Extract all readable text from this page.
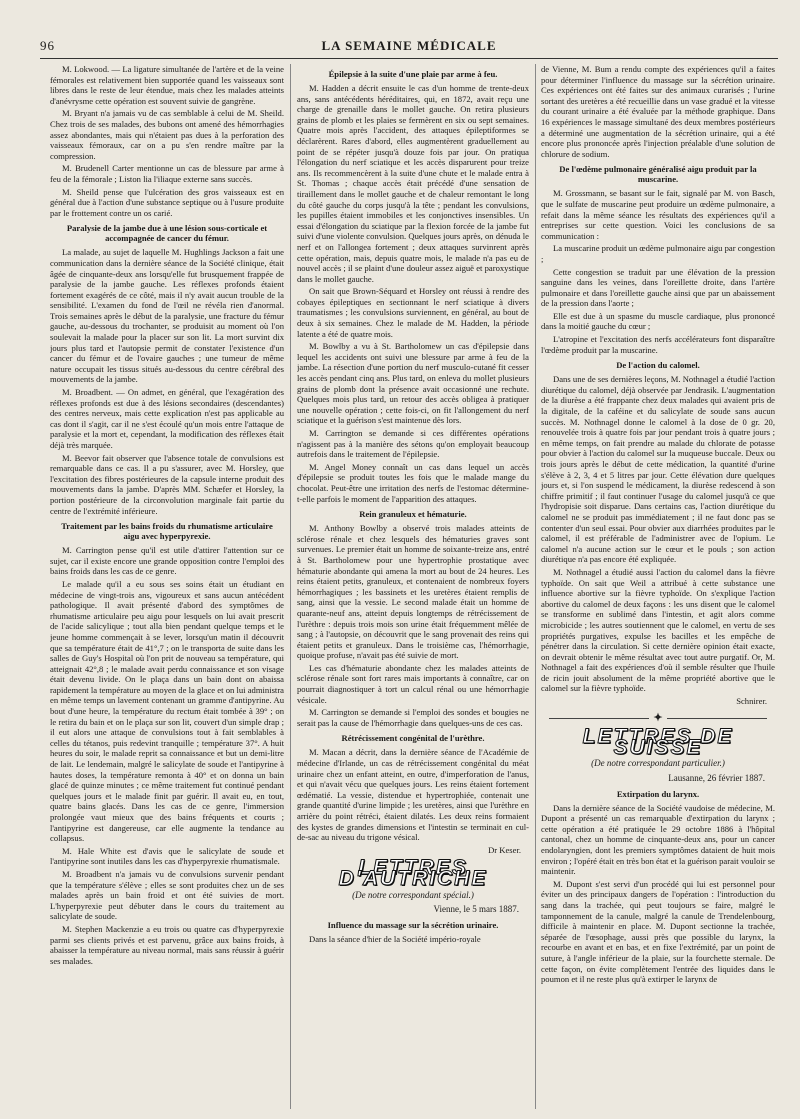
96	LA SEMAINE MÉDICALE

M. Lokwood. — La ligature simultanée de l'artère et de la veine fémorales est relativement bien supportée quand les vaisseaux sont libres dans le reste de leur étendue, mais chez les malades atteints d'anévrysme cette opération est souvent suivie de gangrène.

M. Bryant n'a jamais vu de cas semblable à celui de M. Sheild. Chez trois de ses malades, des bubons ont amené des hémorrhagies assez abondantes, mais qui n'étaient pas dues à la perforation des vaisseaux fémoraux, car on a pu s'en rendre maître par la compression.

M. Brudenell Carter mentionne un cas de blessure par arme à feu de la fémorale ; Liston lia l'iliaque externe sans succès.

M. Sheild pense que l'ulcération des gros vaisseaux est en général due à l'action d'une substance septique ou à l'usure produite par le frottement contre un os carié.

Paralysie de la jambe due à une lésion sous-corticale et accompagnée de cancer du fémur.

La malade, au sujet de laquelle M. Hughlings Jackson a fait une communication dans la dernière séance de la Société clinique, était âgée de cinquante-deux ans lorsqu'elle fut brusquement frappée de paralysie de la jambe gauche. Les réflexes profonds étaient fortement exagérés de ce côté, mais il n'y avait aucun trouble de la sensibilité. L'examen du fond de l'œil ne révéla rien d'anormal. Trois semaines après le début de la paralysie, une fracture du fémur gauche, au-dessous du trochanter, se produisit au moment où l'on soulevait la malade pour la placer sur son lit. La mort survint dix jours plus tard et l'autopsie permit de constater l'existence d'un cancer du fémur et de l'ovaire gauches ; une tumeur de même nature occupait les tissus situés au-dessous du centre cérébral des mouvements de la jambe.

M. Broadbent. — On admet, en général, que l'exagération des réflexes profonds est due à des lésions secondaires (descendantes) des centres nerveux, mais cette explication n'est pas applicable au cas dont il s'agit, car il ne s'est écoulé qu'un mois entre l'attaque de paralysie et la mort et, cependant, la modification des réflexes était déjà très marquée.

M. Beevor fait observer que l'absence totale de convulsions est remarquable dans ce cas. Il a pu s'assurer, avec M. Horsley, que l'excitation des fibres postérieures de la capsule interne produit des mouvements dans la jambe. D'après MM. Schæfer et Horsley, la portion postérieure de la circonvolution marginale fait partie du centre de l'extrémité inférieure.

Traitement par les bains froids du rhumatisme articulaire aigu avec hyperpyrexie.

M. Carrington pense qu'il est utile d'attirer l'attention sur ce sujet, car il existe encore une grande opposition contre l'emploi des bains froids dans les cas de ce genre.

Le malade qu'il a eu sous ses soins était un étudiant en médecine de vingt-trois ans, vigoureux et sans aucun antécédent pathologique. Il avait présenté d'abord des symptômes de rhumatisme articulaire peu aigu pour lesquels on lui avait prescrit de l'acide salicylique ; tout alla bien pendant quelque temps et le jeune homme commençait à se lever, lorsqu'un matin il découvrit que sa température était de 41°,7 ; on le transporta de suite dans les salles de Guy's Hospital où l'on prit de nouveau sa température, qui atteignait 42°,8 ; le malade avait perdu connaissance et son visage était devenu livide. On le plaça dans un bain dont on abaissa rapidement la température au moyen de la glace et on lui administra en même temps un lavement contenant un gramme d'antipyrine. Au bout d'une heure, la température du rectum était tombée à 39° ; on le retira du bain et on le plaça sur son lit, couvert d'un simple drap ; il eut alors une attaque de convulsions tout à fait semblables à celles du tétanos, puis redevint tranquille ; température 37°. A huit heures du soir, le malade reprit sa connaissance et but un demi-litre de lait. Le lendemain, malgré le salicylate de soude et l'antipyrine à hautes doses, la température remonta à 40° et on donna un bain glacé de quinze minutes ; ce même traitement fut continué pendant quelques jours et le malade finit par guérir. Il avait eu, en tout, quatre bains glacés. Dans les cas de ce genre, l'immersion prolongée vaut mieux que des bains fréquents et courts ; l'antipyrine est dangereuse, car elle augmente la tendance au collapsus.

M. Hale White est d'avis que le salicylate de soude et l'antipyrine sont inutiles dans les cas d'hyperpyrexie rhumatismale.

M. Broadbent n'a jamais vu de convulsions survenir pendant que la température s'élève ; elles se sont produites chez un de ses malades après un bain froid et ont été suivies de mort. L'hyperpyrexie peut débuter dans le cours du traitement au salicylate de soude.

M. Stephen Mackenzie a eu trois ou quatre cas d'hyperpyrexie parmi ses clients privés et est parvenu, grâce aux bains froids, à abaisser la température au niveau normal, mais sans réussir à guérir ses malades.

Épilepsie à la suite d'une plaie par arme à feu.

M. Hadden a décrit ensuite le cas d'un homme de trente-deux ans, sans antécédents héréditaires, qui, en 1872, avait reçu une charge de grenaille dans le mollet gauche. On retira plusieurs grains de plomb et les plaies se fermèrent en six ou sept semaines. Quatre mois après l'accident, des attaques épileptiformes se déclarèrent. Rares d'abord, elles augmentèrent graduellement au point de se répéter jusqu'à douze fois par jour. On pratiqua l'élongation du nerf sciatique et les accès disparurent pour treize ans. Ils recommencèrent à la suite d'une chute et le malade entra à St. Thomas ; chaque accès était précédé d'une sensation de tiraillement dans le mollet gauche et de chaleur remontant le long du côté gauche du corps jusqu'à la tête ; pendant les convulsions, les pupilles étaient immobiles et les conjonctives insensibles. Un essai d'élongation du sciatique par la flexion forcée de la jambe fut suivi d'une violente convulsion. Quelques jours après, on dénuda le nerf et on l'allongea fortement ; deux attaques survinrent après cette opération, mais, depuis quatre mois, le malade n'a pas eu de nouvel accès ; il se plaint d'une douleur assez aiguë et paroxystique dans le mollet gauche.

On sait que Brown-Séquard et Horsley ont réussi à rendre des cobayes épileptiques en sectionnant le nerf sciatique à divers traumatismes ; les convulsions surviennent, en général, au bout de deux à six semaines. Chez le malade de M. Hadden, la période latente a été de quatre mois.

M. Bowlby a vu à St. Bartholomew un cas d'épilepsie dans lequel les accidents ont suivi une blessure par arme à feu de la jambe. La résection d'une portion du nerf musculo-cutané fit cesser les accès pendant cinq ans. Plus tard, on enleva du mollet plusieurs grains de plomb dont la présence avait occasionné une rechute. Quelques mois plus tard, un retour des accès obligea à pratiquer une nouvelle opération ; cette fois-ci, on fit l'allongement du nerf sciatique et la guérison s'est maintenue dès lors.

M. Carrington se demande si ces différentes opérations n'agissent pas à la manière des sétons qu'on employait beaucoup autrefois dans le traitement de l'épilepsie.

M. Angel Money connaît un cas dans lequel un accès d'épilepsie se produit toutes les fois que le malade mange du chocolat. Peut-être une irritation des nerfs de l'estomac détermine-t-elle parfois le moment de l'apparition des attaques.

Rein granuleux et hématurie.

M. Anthony Bowlby a observé trois malades atteints de sclérose rénale et chez lesquels des hématuries graves sont survenues. Le premier était un homme de soixante-treize ans, entré à St. Bartholomew pour une hypertrophie prostatique avec hématurie abondante qui amena la mort au bout de 24 heures. Les reins étaient petits, granuleux, et contenaient de nombreux foyers hémorrhagiques ; les bassinets et les uretères étaient remplis de sang, ainsi que la vessie. Le second malade était un homme de quarante-neuf ans, atteint depuis longtemps de rétrécissement de l'urèthre : depuis trois mois son urine était fréquemment mêlée de sang ; à l'autopsie, on découvrit que le sang provenait des reins qui étaient petits et granuleux. Dans le troisième cas, l'hémorrhagie, quoique profuse, n'avait pas été suivie de mort.

Les cas d'hématurie abondante chez les malades atteints de sclérose rénale sont fort rares mais importants à connaître, car on pourrait diagnostiquer à tort un calcul rénal ou une hémorrhagie vésicale.

M. Carrington se demande si l'emploi des sondes et bougies ne serait pas la cause de l'hémorrhagie dans quelques-uns de ces cas.

Rétrécissement congénital de l'urèthre.

M. Macan a décrit, dans la dernière séance de l'Académie de médecine d'Irlande, un cas de rétrécissement congénital du méat urinaire chez un enfant atteint, en outre, d'imperforation de l'anus, et qui n'avait vécu que quelques jours. Les reins étaient fortement œdématié. La vessie, distendue et hypertrophiée, contenait une grande quantité d'urine limpide ; les uretères, ainsi que l'urèthre en arrière du point rétréci, étaient dilatés. Les deux reins formaient des kystes de grandes dimensions et l'intestin se terminait en cul-de-sac au niveau du trigone vésical.

Dr Keser.

LETTRES D'AUTRICHE
(De notre correspondant spécial.)
Vienne, le 5 mars 1887.
Influence du massage sur la sécrétion urinaire.

Dans la séance d'hier de la Société império-royale

de Vienne, M. Bum a rendu compte des expériences qu'il a faites pour déterminer l'influence du massage sur la sécrétion urinaire. Ces expériences ont été faites sur des animaux curarisés ; l'urine sortant des uretères a été recueillie dans un vase gradué et la vitesse du courant urinaire a été évaluée par la méthode graphique. Dans 16 expériences le massage simultané des deux membres postérieurs a déterminé une augmentation de la sécrétion urinaire, qui a été encore plus prononcée après l'injection préalable d'une solution de chlorure de sodium.

De l'œdème pulmonaire généralisé aigu produit par la muscarine.

M. Grossmann, se basant sur le fait, signalé par M. von Basch, que le sulfate de muscarine peut produire un œdème pulmonaire, a refait dans la même séance les résultats des expériences qu'il a entreprises sur cette question. Voici les conclusions de sa communication :

La muscarine produit un œdème pulmonaire aigu par congestion ;

Cette congestion se traduit par une élévation de la pression sanguine dans les veines, dans l'oreillette droite, dans l'artère pulmonaire et dans l'oreillette gauche ainsi que par un abaissement de la pression dans l'aorte ;

Elle est due à un spasme du muscle cardiaque, plus prononcé dans la moitié gauche du cœur ;

L'atropine et l'excitation des nerfs accélérateurs font disparaître l'œdème produit par la muscarine.

De l'action du calomel.

Dans une de ses dernières leçons, M. Nothnagel a étudié l'action diurétique du calomel, déjà observée par Jendrasik. L'augmentation de la diurèse a été frappante chez deux malades qui avaient pris de la digitale, de la caféine et du salicylate de soude sans aucun succès. M. Nothnagel donne le calomel à la dose de 0 gr. 20, renouvelée trois à quatre fois par jour pendant trois à quatre jours ; en même temps, on fait prendre au malade du chlorate de potasse pour obvier à l'action du calomel sur la muqueuse buccale. Deux ou trois jours après le début de cette médication, la quantité d'urine s'élève à 2, 3, 4 et 5 litres par jour. Cette élévation dure quelques jours et, si l'on suspend le médicament, la diurèse redescend à son chiffre primitif ; il faut continuer l'usage du calomel jusqu'à ce que l'hydropisie soit disparue. Dans certains cas, l'action diurétique du calomel ne se produit pas immédiatement ; il ne faut donc pas se contenter d'un seul essai. Pour obvier aux diarrhées produites par le calomel, il est préférable de l'administrer avec de l'opium. Le calomel n'a aucune action sur le cœur et le pouls ; son action diurétique n'a pas encore été expliquée.

M. Nothnagel a étudié aussi l'action du calomel dans la fièvre typhoïde. On sait que Weil a attribué à cette substance une influence abortive sur la fièvre typhoïde. On s'explique l'action abortive du calomel de deux façons : les uns disent que le calomel se transforme en sublimé dans l'intestin, et agit alors comme microbicide ; les autres soutiennent que le calomel, en vertu de ses propriétés purgatives, expulse les bacilles et les empêche de pénétrer dans la circulation. Si cette dernière opinion était exacte, on devrait obtenir le même résultat avec tout autre purgatif. Or, M. Nothnagel a fait des expériences d'où il semble résulter que l'huile de ricin jouit absolument de la même propriété abortive que le calomel sur la fièvre typhoïde.

Schnirer.

✦
LETTRES DE SUISSE
(De notre correspondant particulier.)
Lausanne, 26 février 1887.
Extirpation du larynx.

Dans la dernière séance de la Société vaudoise de médecine, M. Dupont a présenté un cas remarquable d'extirpation du larynx ; cette opération a été pratiquée le 29 octobre 1886 à l'hôpital cantonal, chez un homme de cinquante-deux ans, pour un cancer endolaryngien, dont les premiers symptômes dataient de huit mois environ ; l'opéré était en très bon état et la guérison parait vouloir se maintenir.

M. Dupont s'est servi d'un procédé qui lui est personnel pour éviter un des principaux dangers de l'opération : l'introduction du sang dans la trachée, qui peut toujours se faire, malgré le tamponnement de la canule, malgré la canule de Trendelenbourg, difficile à maintenir en place. M. Dupont sectionne la trachée, séparée de l'œsophage, aussi près que possible du larynx, la recourbe en avant et en bas, et en fixe l'extrémité, par un point de suture, à l'angle inférieur de la plaie, sur la fourchette sternale. De cette façon, on évite complètement l'entrée des liquides dans le poumon et il ne reste plus qu'à extirper le larynx de
